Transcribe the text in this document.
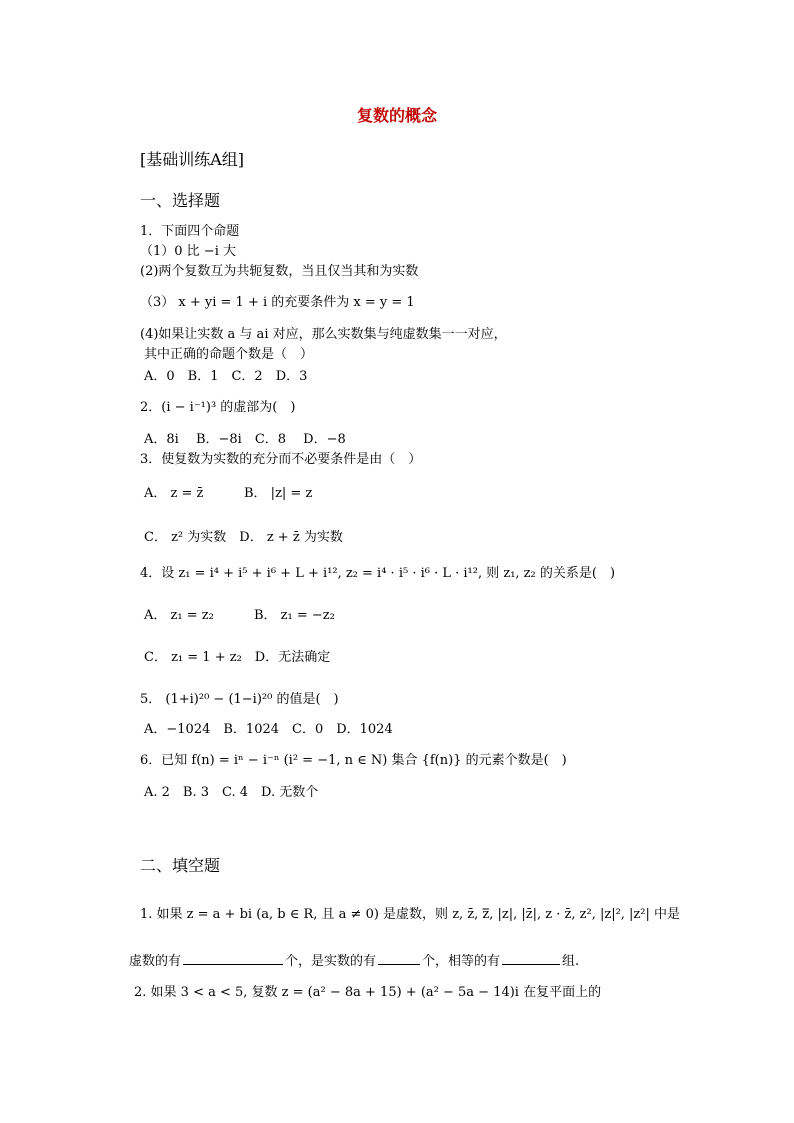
复数的概念
[基础训练A组]
一、选择题
1．下面四个命题
（1）0 比 −i 大
(2)两个复数互为共轭复数，当且仅当其和为实数
（3） x + yi = 1 + i 的充要条件为 x = y = 1
(4)如果让实数 a 与 ai 对应，那么实数集与纯虚数集一一对应，
其中正确的命题个数是（　）
A．0　B．1　C．2　D．3
2．(i − i⁻¹)³ 的虚部为(　)
A．8i　 B．−8i　C．8　 D．−8
3．使复数为实数的充分而不必要条件是由（　）
A． z = z̄	B． |z| = z
C． z² 为实数　D． z + z̄ 为实数
4．设 z₁ = i⁴ + i⁵ + i⁶ + L + i¹², z₂ = i⁴ · i⁵ · i⁶ · L · i¹², 则 z₁, z₂ 的关系是(　)
A． z₁ = z₂	B． z₁ = −z₂
C． z₁ = 1 + z₂　D．无法确定
5． (1+i)²⁰ − (1−i)²⁰ 的值是(　)
A．−1024　B．1024　C．0　D．1024
6．已知 f(n) = iⁿ − i⁻ⁿ (i² = −1, n ∈ N) 集合 {f(n)} 的元素个数是(　)
A. 2　B. 3　C. 4　D. 无数个
二、填空题
1. 如果 z = a + bi (a, b ∈ R, 且 a ≠ 0) 是虚数，则 z, z̄, z̿, |z|, |z̄|, z · z̄, z², |z|², |z²| 中是
虚数的有	个，是实数的有	个，相等的有	组.
2. 如果 3 < a < 5, 复数 z = (a² − 8a + 15) + (a² − 5a − 14)i 在复平面上的
